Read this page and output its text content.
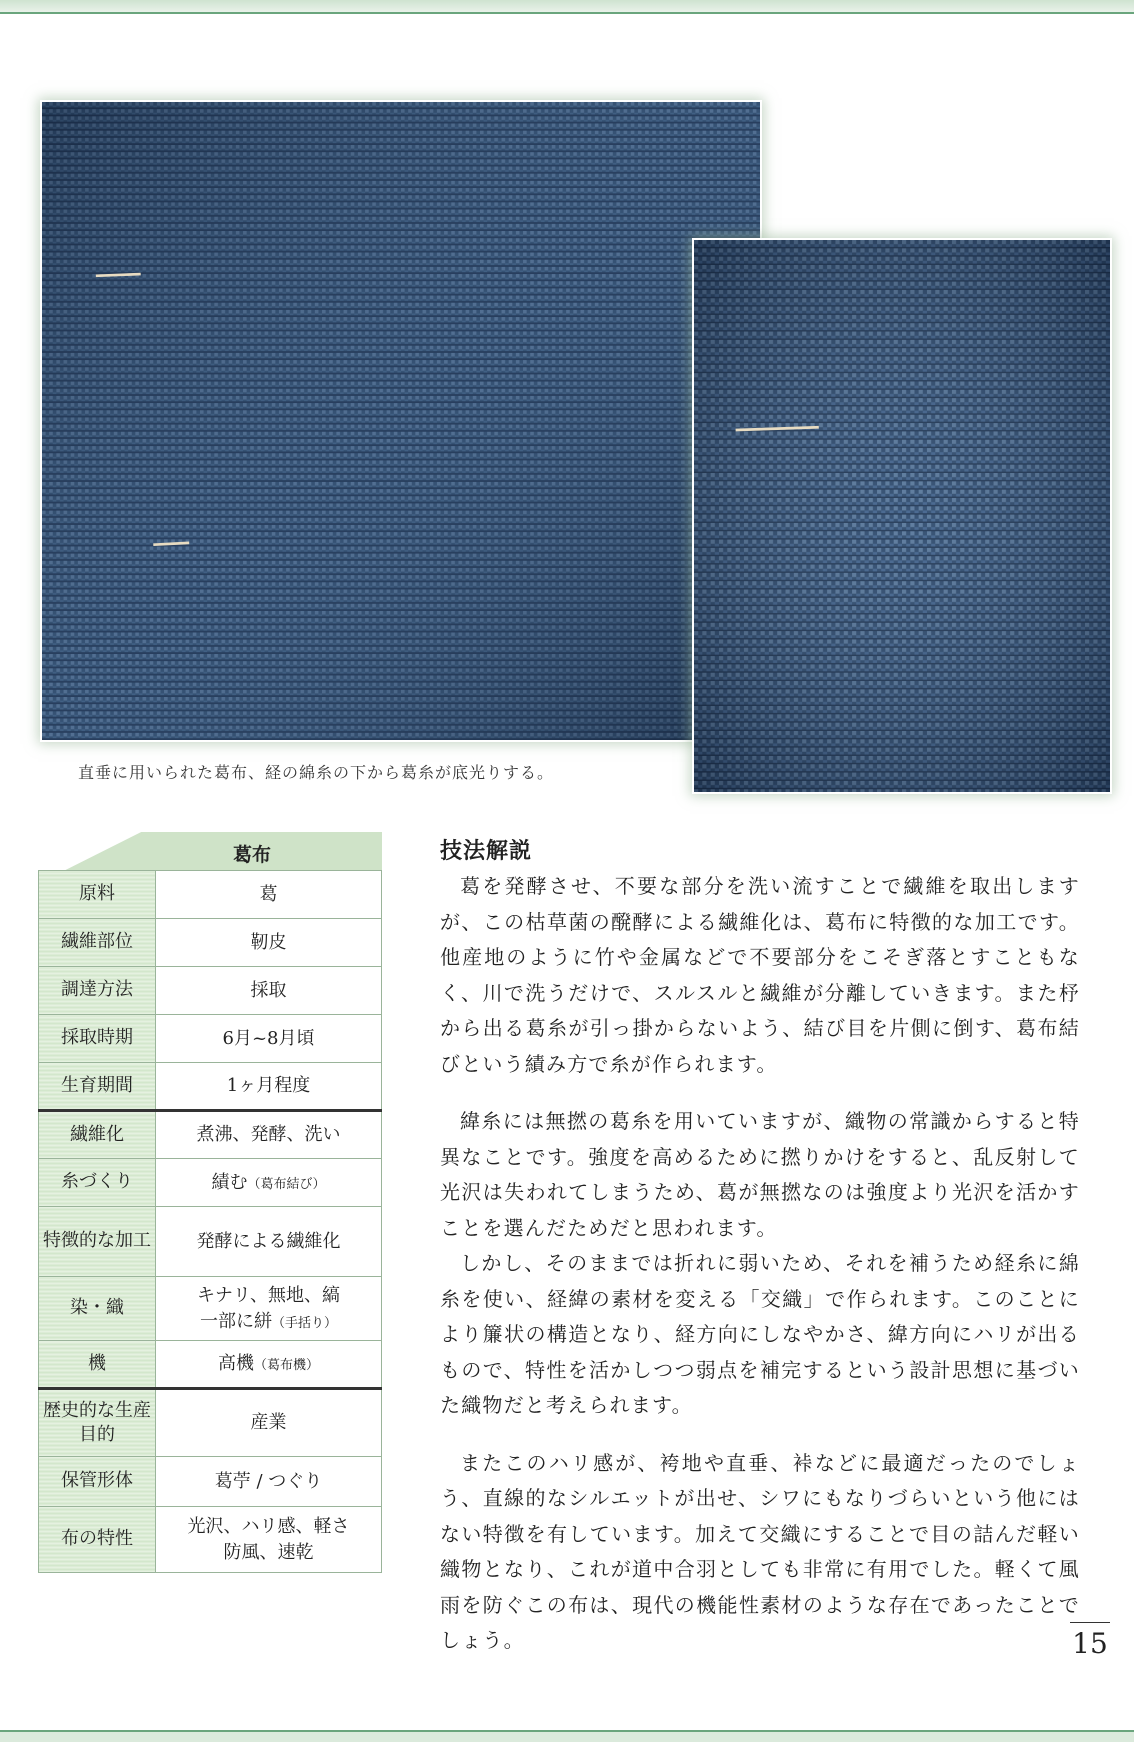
直垂に用いられた葛布、経の綿糸の下から葛糸が底光りする。
葛布
原料	葛
繊維部位	靭皮
調達方法	採取
採取時期	6月~8月頃
生育期間	1ヶ月程度
繊維化	煮沸、発酵、洗い
糸づくり	績む（葛布結び）
特徴的な加工	発酵による繊維化
染・織	キナリ、無地、縞
一部に絣（手括り）
機	高機（葛布機）
歴史的な生産目的	産業
保管形体	葛苧 / つぐり
布の特性	光沢、ハリ感、軽さ
防風、速乾
技法解説

葛を発酵させ、不要な部分を洗い流すことで繊維を取出しますが、この枯草菌の醗酵による繊維化は、葛布に特徴的な加工です。他産地のように竹や金属などで不要部分をこそぎ落とすこともなく、川で洗うだけで、スルスルと繊維が分離していきます。また杼から出る葛糸が引っ掛からないよう、結び目を片側に倒す、葛布結びという績み方で糸が作られます。

緯糸には無撚の葛糸を用いていますが、織物の常識からすると特異なことです。強度を高めるために撚りかけをすると、乱反射して光沢は失われてしまうため、葛が無撚なのは強度より光沢を活かすことを選んだためだと思われます。

しかし、そのままでは折れに弱いため、それを補うため経糸に綿糸を使い、経緯の素材を変える「交織」で作られます。このことにより簾状の構造となり、経方向にしなやかさ、緯方向にハリが出るもので、特性を活かしつつ弱点を補完するという設計思想に基づいた織物だと考えられます。

またこのハリ感が、袴地や直垂、裃などに最適だったのでしょう、直線的なシルエットが出せ、シワにもなりづらいという他にはない特徴を有しています。加えて交織にすることで目の詰んだ軽い織物となり、これが道中合羽としても非常に有用でした。軽くて風雨を防ぐこの布は、現代の機能性素材のような存在であったことでしょう。	15
